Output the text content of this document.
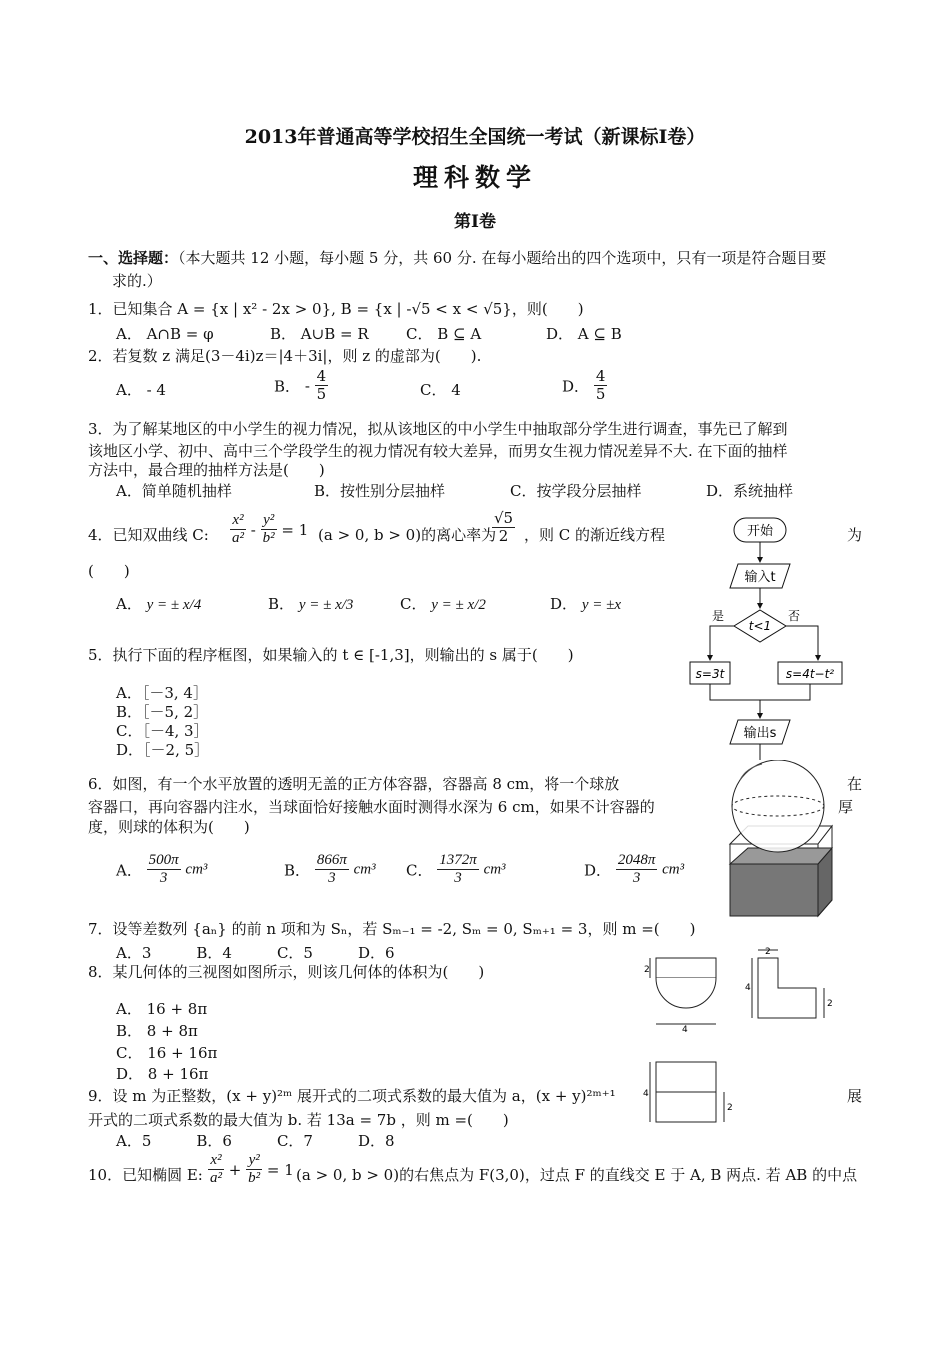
2013年普通高等学校招生全国统一考试（新课标Ⅰ卷）
理科数学
第Ⅰ卷
一、选择题：（本大题共 12 小题，每小题 5 分，共 60 分. 在每小题给出的四个选项中，只有一项是符合题目要
求的.）
1．已知集合 A = {x | x² - 2x > 0}, B = {x | -√5 < x < √5}，则(　　)
A． A∩B = φ	B． A∪B = R C． B ⊆ A	D． A ⊆ B
2．若复数 z 满足(3－4i)z＝|4＋3i|，则 z 的虚部为(　　).
A． - 4	B． - $\frac{4}{5}$	C． 4	D． $\frac{4}{5}$
3．为了解某地区的中小学生的视力情况，拟从该地区的中小学生中抽取部分学生进行调查，事先已了解到
该地区小学、初中、高中三个学段学生的视力情况有较大差异，而男女生视力情况差异不大. 在下面的抽样
方法中，最合理的抽样方法是(　　)
A．简单随机抽样	B．按性别分层抽样	C．按学段分层抽样	D．系统抽样
4．已知双曲线 C: $\frac{\text{x²}}{\text{a²}} - \frac{\text{y²}}{\text{b²}} = 1$ (a > 0, b > 0)的离心率为
$\frac{√5}{2}$ ，则 C 的渐近线方程	为
(　　)
A． y = ± x/4	B． y = ± x/3	C． y = ± x/2	D． y = ±x
5．执行下面的程序框图，如果输入的 t ∈ [-1,3]，则输出的 s 属于(　　)
A．［－3, 4］
B．［－5, 2］
C．［－4, 3］
D．［－2, 5］
开始
输入t
t<1
是	否
s=3t	s=4t−t²
输出s
6．如图，有一个水平放置的透明无盖的正方体容器，容器高 8 cm，将一个球放	在
容器口，再向容器内注水，当球面恰好接触水面时测得水深为 6 cm，如果不计容器的	厚
度，则球的体积为(　　)
A． $\frac{500\pi}{3} cm^3$	B． $\frac{866\pi}{3} cm^3$ C． $\frac{1372\pi}{3} cm^3$	D． $\frac{2048\pi}{3} cm^3$
7．设等差数列 {aₙ} 的前 n 项和为 Sₙ，若 Sₘ₋₁ = -2, Sₘ = 0, Sₘ₊₁ = 3，则 m =(　　)
A．3　　　B．4　　　C．5　　　D．6
8．某几何体的三视图如图所示，则该几何体的体积为(　　)
A． 16 + 8π
B． 8 + 8π
C． 16 + 16π
D． 8 + 16π
2
4
2
4
2
4
2
9．设 m 为正整数，(x + y)²ᵐ 展开式的二项式系数的最大值为 a，(x + y)²ᵐ⁺¹	展
开式的二项式系数的最大值为 b. 若 13a = 7b ，则 m =(　　)
A．5　　　B．6　　　C．7　　　D．8
10．已知椭圆 E: $\frac{\text{x²}}{\text{a²}} + \frac{\text{y²}}{\text{b²}} = 1$ (a > 0, b > 0)的右焦点为 F(3,0)，过点 F 的直线交 E 于 A, B 两点. 若 AB 的中点
